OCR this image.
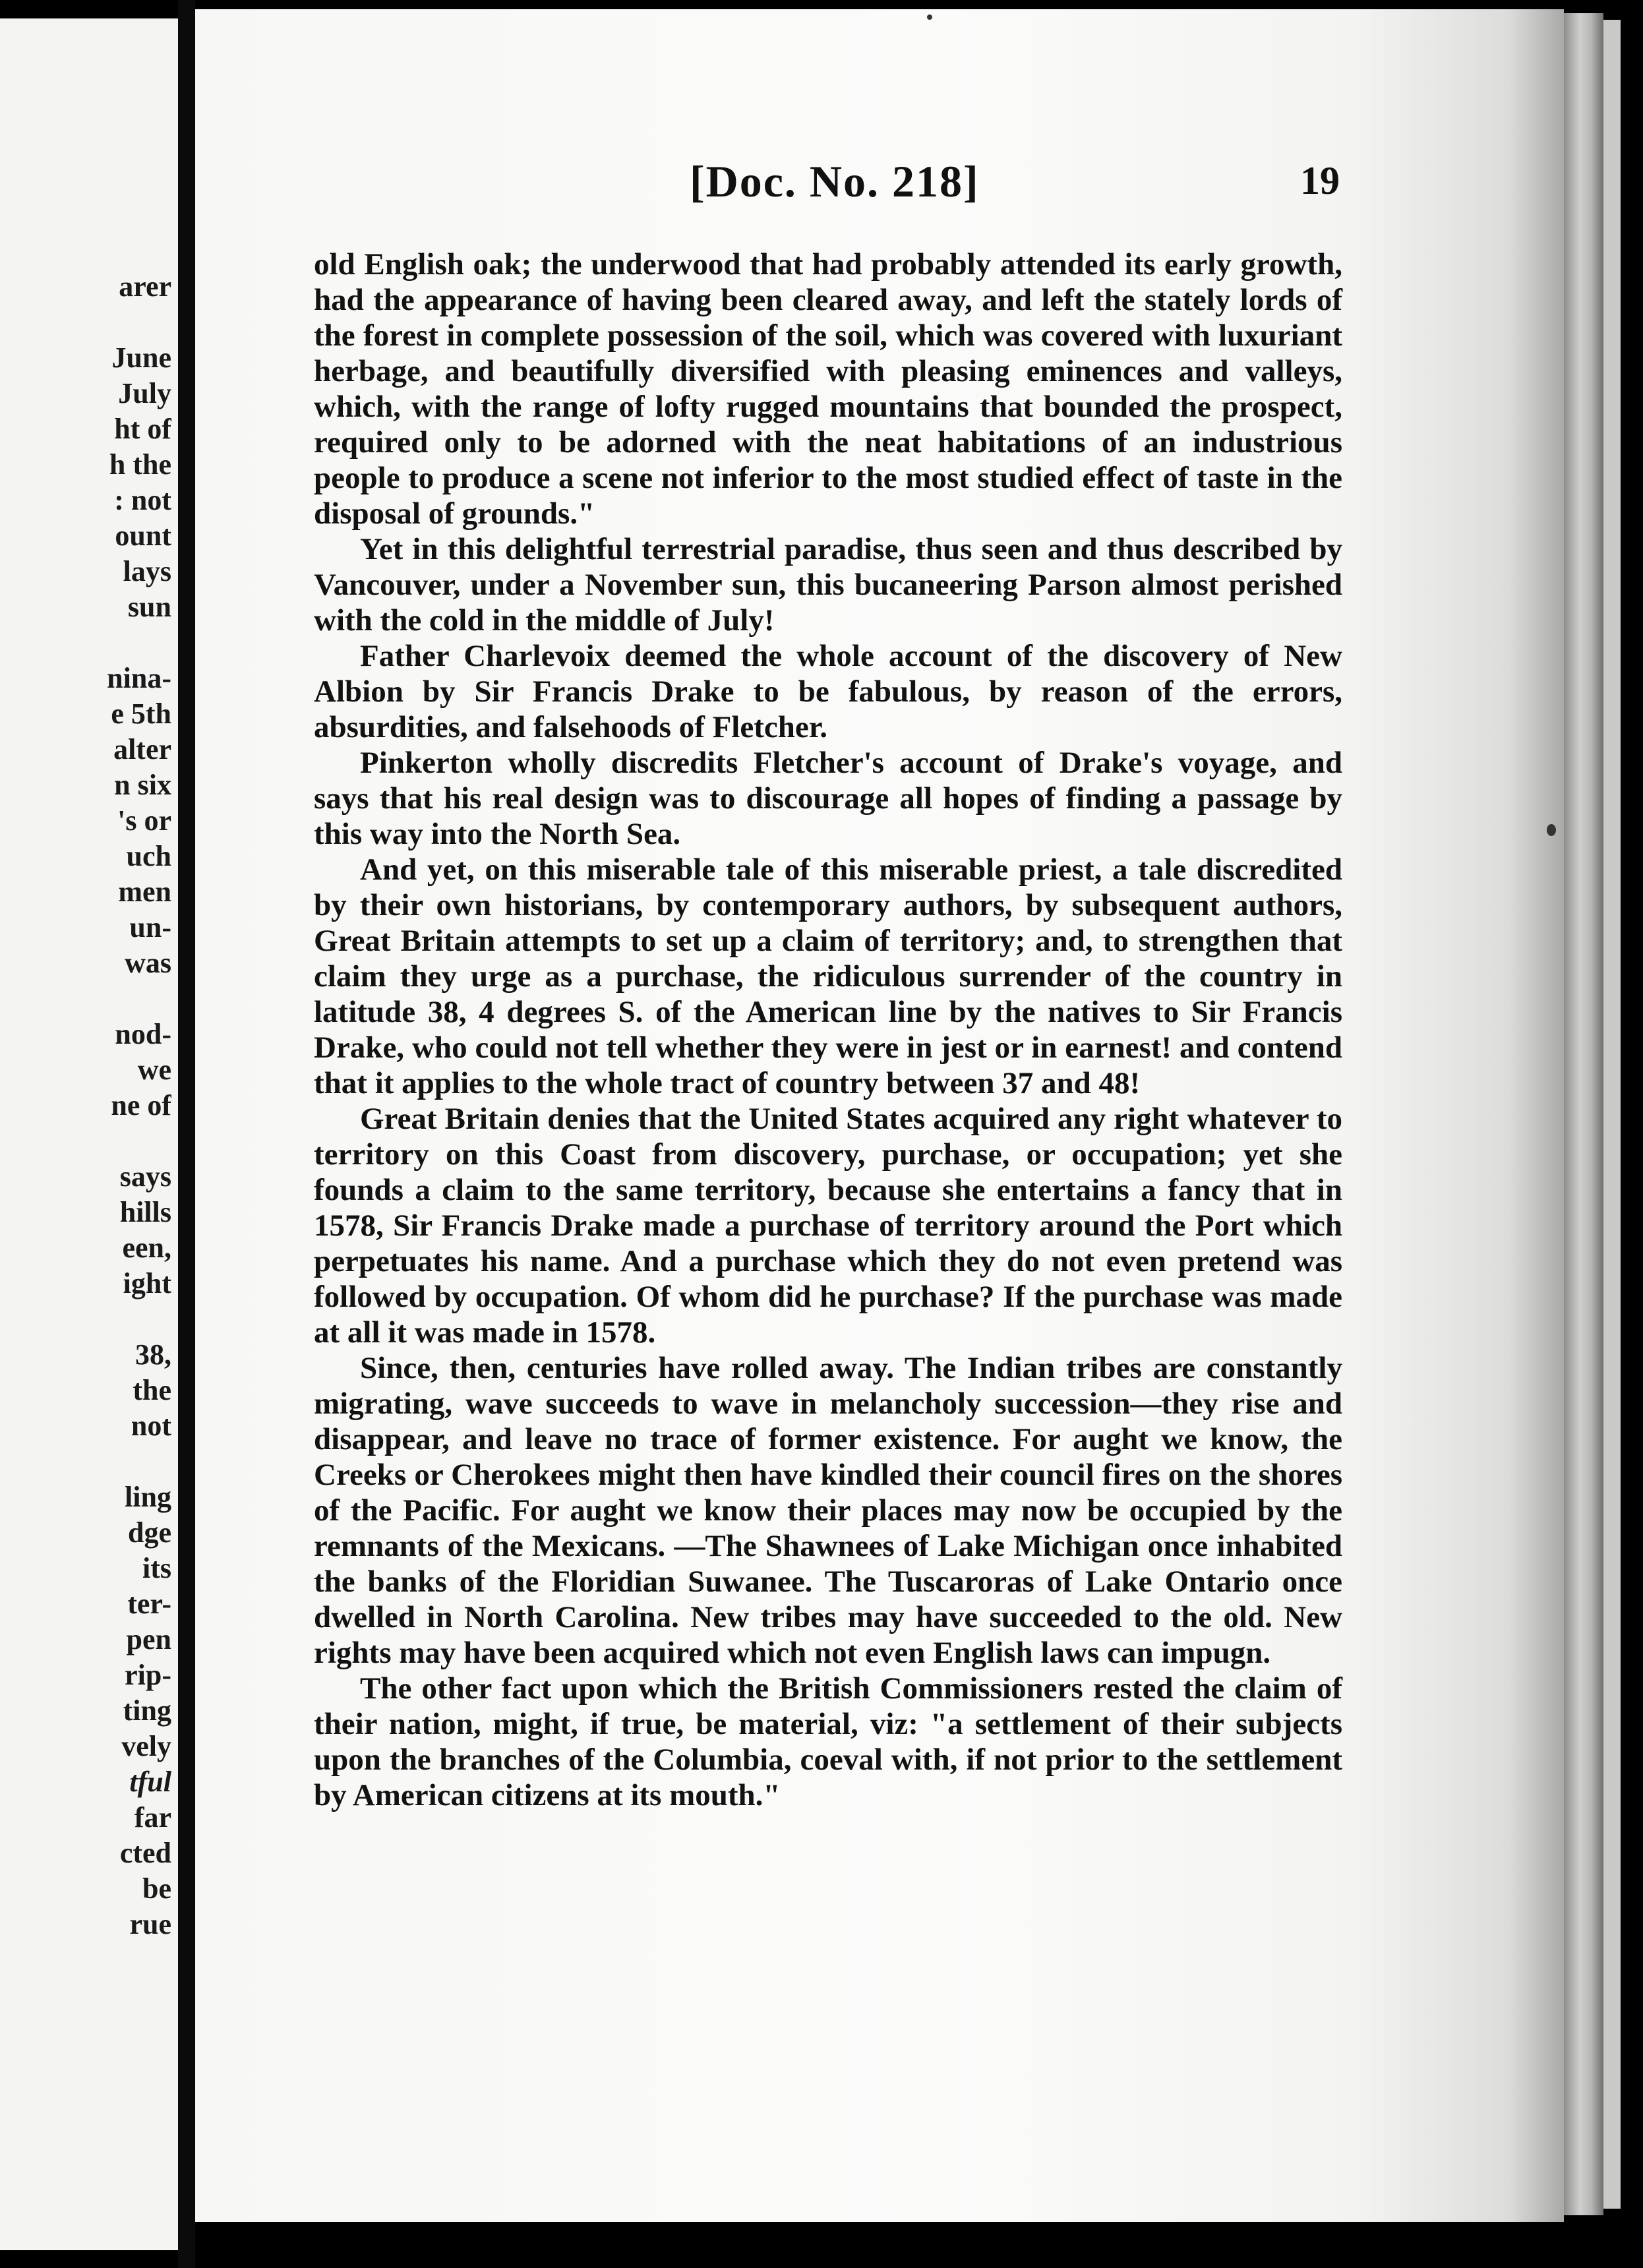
arer
June
July
ht of
h the
: not
ount
lays
sun
nina-
e 5th
alter
n six
's or
uch
men
un-
was
nod-
we
ne of
says
hills
een,
ight
38,
the
not
ling
dge
its
ter-
pen
rip-
ting
vely
tful
far
cted
be
rue
[Doc. No. 218]	19

old English oak; the underwood that had probably attended its early growth, had the appearance of having been cleared away, and left the stately lords of the forest in complete possession of the soil, which was covered with luxuriant herbage, and beautifully diversified with pleasing eminences and valleys, which, with the range of lofty rugged mountains that bounded the prospect, required only to be adorned with the neat habitations of an industrious people to produce a scene not inferior to the most studied effect of taste in the disposal of grounds."

Yet in this delightful terrestrial paradise, thus seen and thus described by Vancouver, under a November sun, this bucaneering Parson almost perished with the cold in the middle of July!

Father Charlevoix deemed the whole account of the discovery of New Albion by Sir Francis Drake to be fabulous, by reason of the errors, absurdities, and falsehoods of Fletcher.

Pinkerton wholly discredits Fletcher's account of Drake's voyage, and says that his real design was to discourage all hopes of finding a passage by this way into the North Sea.

And yet, on this miserable tale of this miserable priest, a tale discredited by their own historians, by contemporary authors, by subsequent authors, Great Britain attempts to set up a claim of territory; and, to strengthen that claim they urge as a purchase, the ridiculous surrender of the country in latitude 38, 4 degrees S. of the American line by the natives to Sir Francis Drake, who could not tell whether they were in jest or in earnest! and contend that it applies to the whole tract of country between 37 and 48!

Great Britain denies that the United States acquired any right whatever to territory on this Coast from discovery, purchase, or occupation; yet she founds a claim to the same territory, because she entertains a fancy that in 1578, Sir Francis Drake made a purchase of territory around the Port which perpetuates his name. And a purchase which they do not even pretend was followed by occupation. Of whom did he purchase? If the purchase was made at all it was made in 1578.

Since, then, centuries have rolled away. The Indian tribes are constantly migrating, wave succeeds to wave in melancholy succession—they rise and disappear, and leave no trace of former existence. For aught we know, the Creeks or Cherokees might then have kindled their council fires on the shores of the Pacific. For aught we know their places may now be occupied by the remnants of the Mexicans. —The Shawnees of Lake Michigan once inhabited the banks of the Floridian Suwanee. The Tuscaroras of Lake Ontario once dwelled in North Carolina. New tribes may have succeeded to the old. New rights may have been acquired which not even English laws can impugn.

The other fact upon which the British Commissioners rested the claim of their nation, might, if true, be material, viz: "a settlement of their subjects upon the branches of the Columbia, coeval with, if not prior to the settlement by American citizens at its mouth."
